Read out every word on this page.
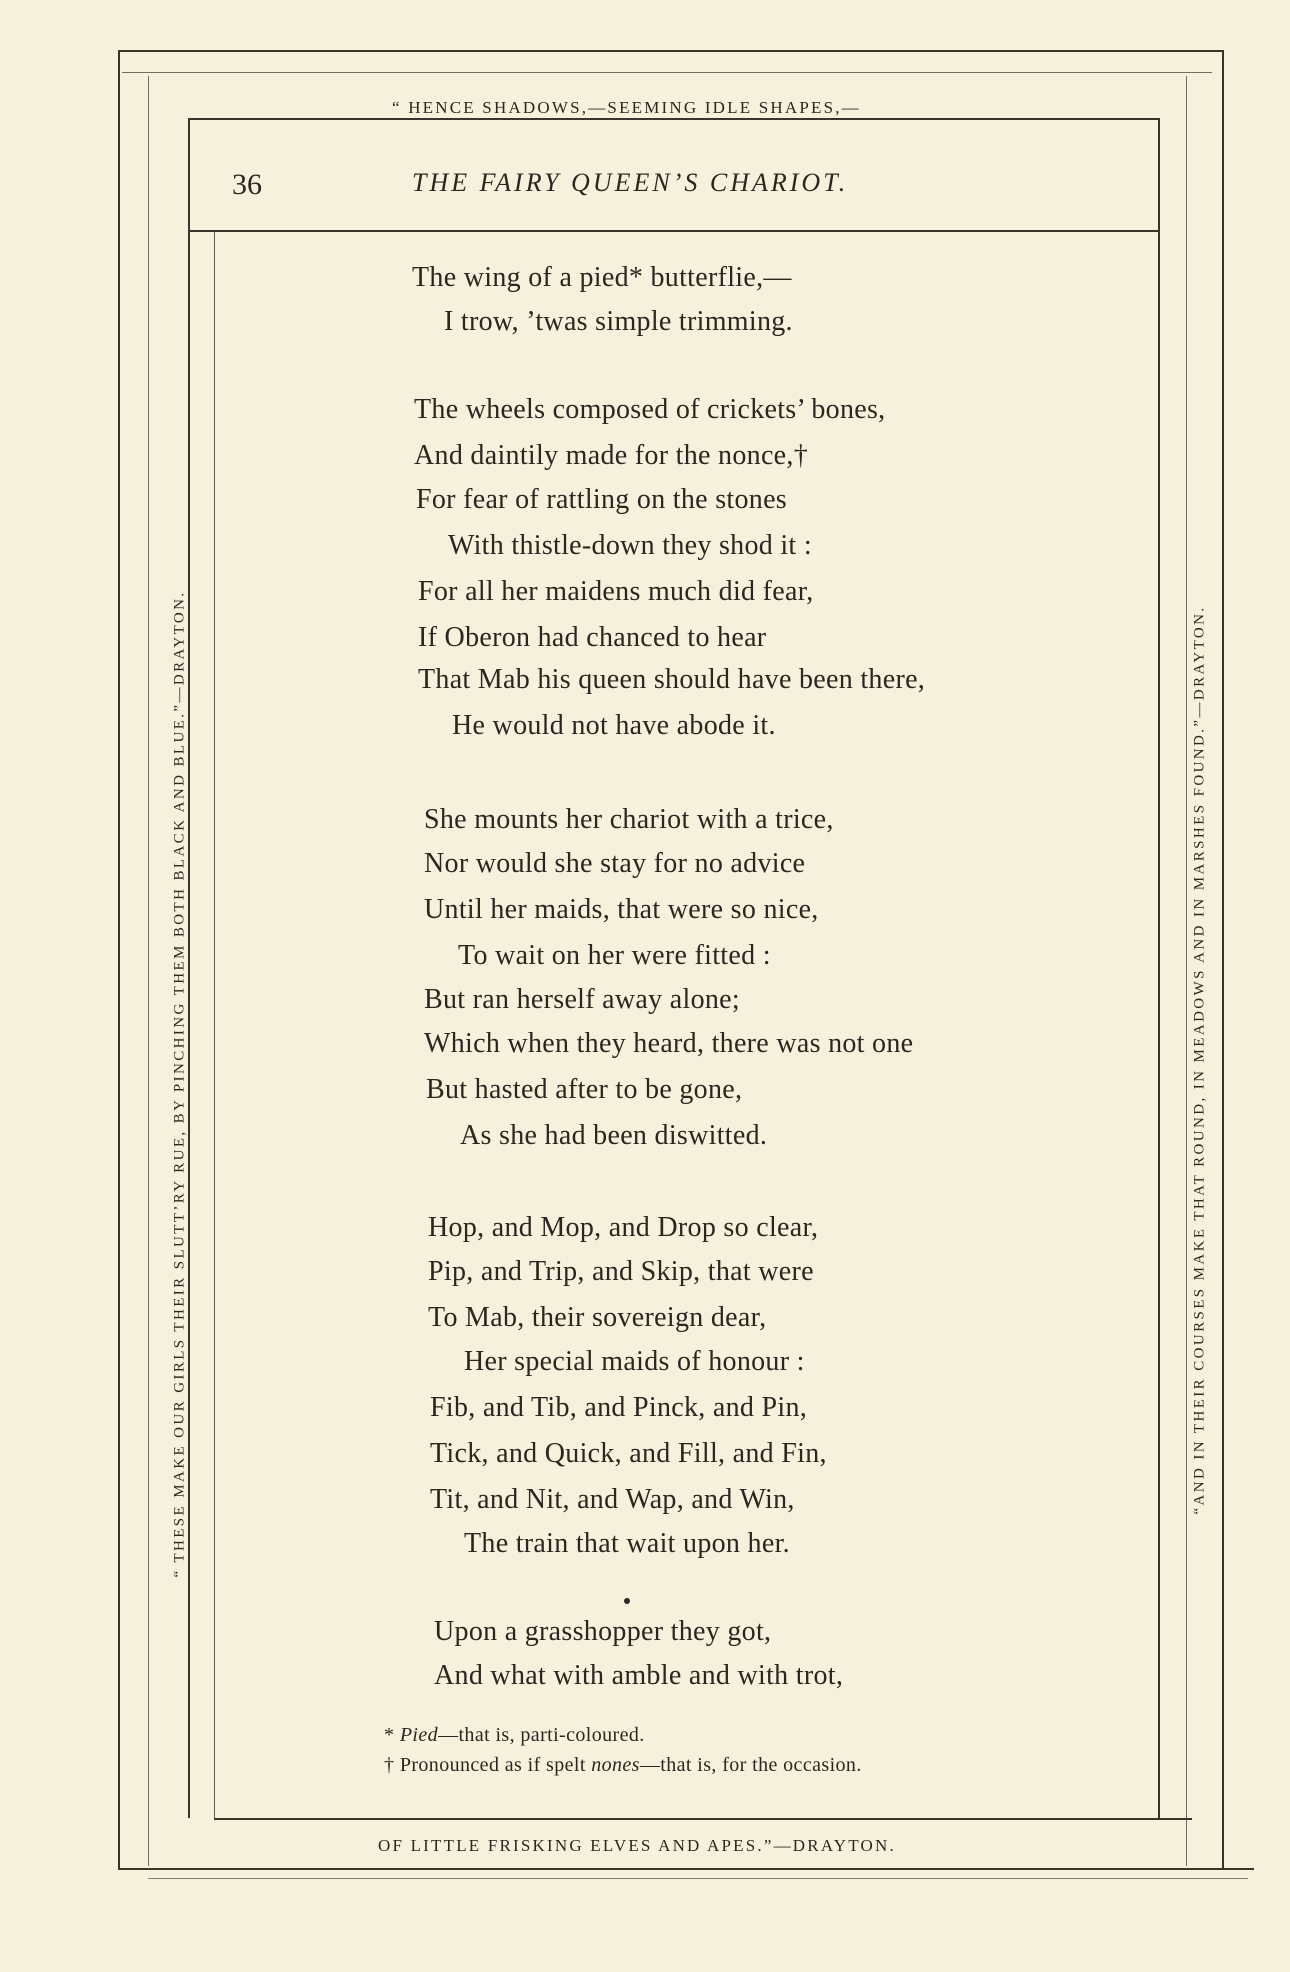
“ HENCE SHADOWS,—SEEMING IDLE SHAPES,—
OF LITTLE FRISKING ELVES AND APES.”—DRAYTON.
“ THESE MAKE OUR GIRLS THEIR SLUTT’RY RUE, BY PINCHING THEM BOTH BLACK AND BLUE.”—DRAYTON.	“AND IN THEIR COURSES MAKE THAT ROUND, IN MEADOWS AND IN MARSHES FOUND.”—DRAYTON.
36	THE FAIRY QUEEN’S CHARIOT.
The wing of a pied* butterflie,—
I trow, ’twas simple trimming.
The wheels composed of crickets’ bones,
And daintily made for the nonce,†
For fear of rattling on the stones
With thistle-down they shod it :
For all her maidens much did fear,
If Oberon had chanced to hear
That Mab his queen should have been there,
He would not have abode it.
She mounts her chariot with a trice,
Nor would she stay for no advice
Until her maids, that were so nice,
To wait on her were fitted :
But ran herself away alone;
Which when they heard, there was not one
But hasted after to be gone,
As she had been diswitted.
Hop, and Mop, and Drop so clear,
Pip, and Trip, and Skip, that were
To Mab, their sovereign dear,
Her special maids of honour :
Fib, and Tib, and Pinck, and Pin,
Tick, and Quick, and Fill, and Fin,
Tit, and Nit, and Wap, and Win,
The train that wait upon her.
Upon a grasshopper they got,
And what with amble and with trot,
* Pied—that is, parti-coloured.
† Pronounced as if spelt nones—that is, for the occasion.
